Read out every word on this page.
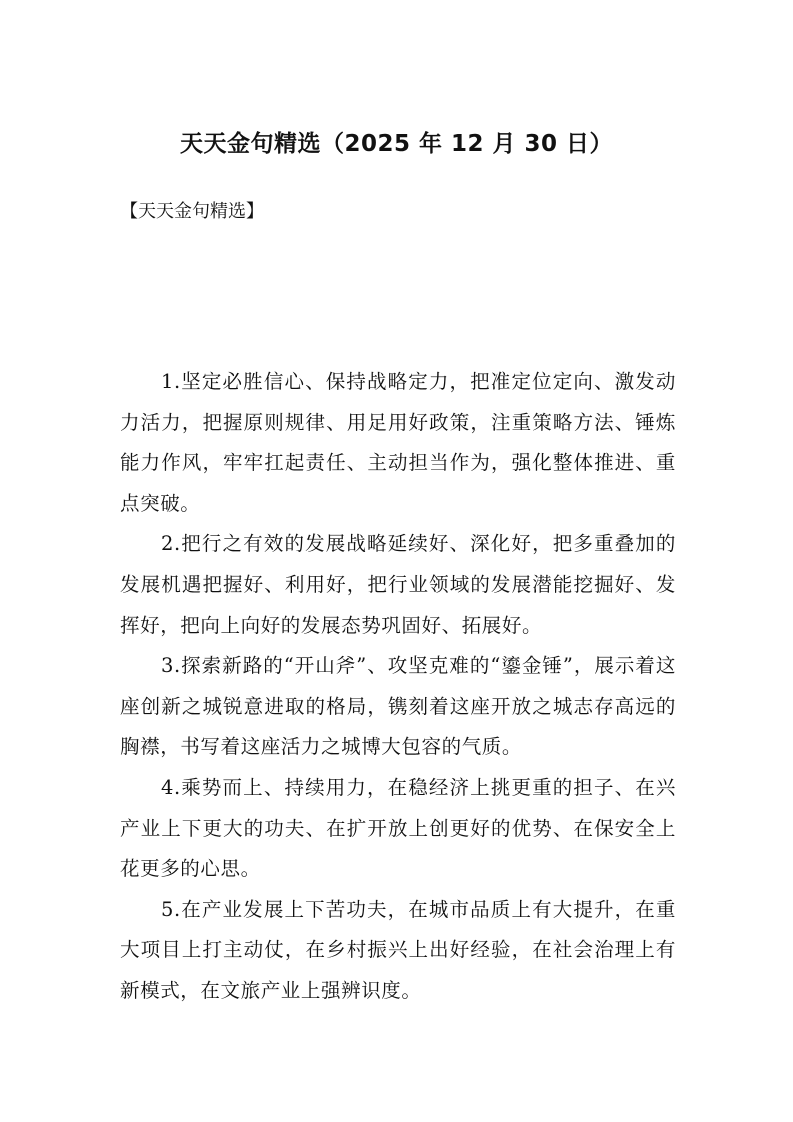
天天金句精选（2025 年 12 月 30 日）

【天天金句精选】

1.坚定必胜信心、保持战略定力，把准定位定向、激发动力活力，把握原则规律、用足用好政策，注重策略方法、锤炼能力作风，牢牢扛起责任、主动担当作为，强化整体推进、重点突破。

2.把行之有效的发展战略延续好、深化好，把多重叠加的发展机遇把握好、利用好，把行业领域的发展潜能挖掘好、发挥好，把向上向好的发展态势巩固好、拓展好。

3.探索新路的“开山斧”、攻坚克难的“鎏金锤”，展示着这座创新之城锐意进取的格局，镌刻着这座开放之城志存高远的胸襟，书写着这座活力之城博大包容的气质。

4.乘势而上、持续用力，在稳经济上挑更重的担子、在兴产业上下更大的功夫、在扩开放上创更好的优势、在保安全上花更多的心思。

5.在产业发展上下苦功夫，在城市品质上有大提升，在重大项目上打主动仗，在乡村振兴上出好经验，在社会治理上有新模式，在文旅产业上强辨识度。
